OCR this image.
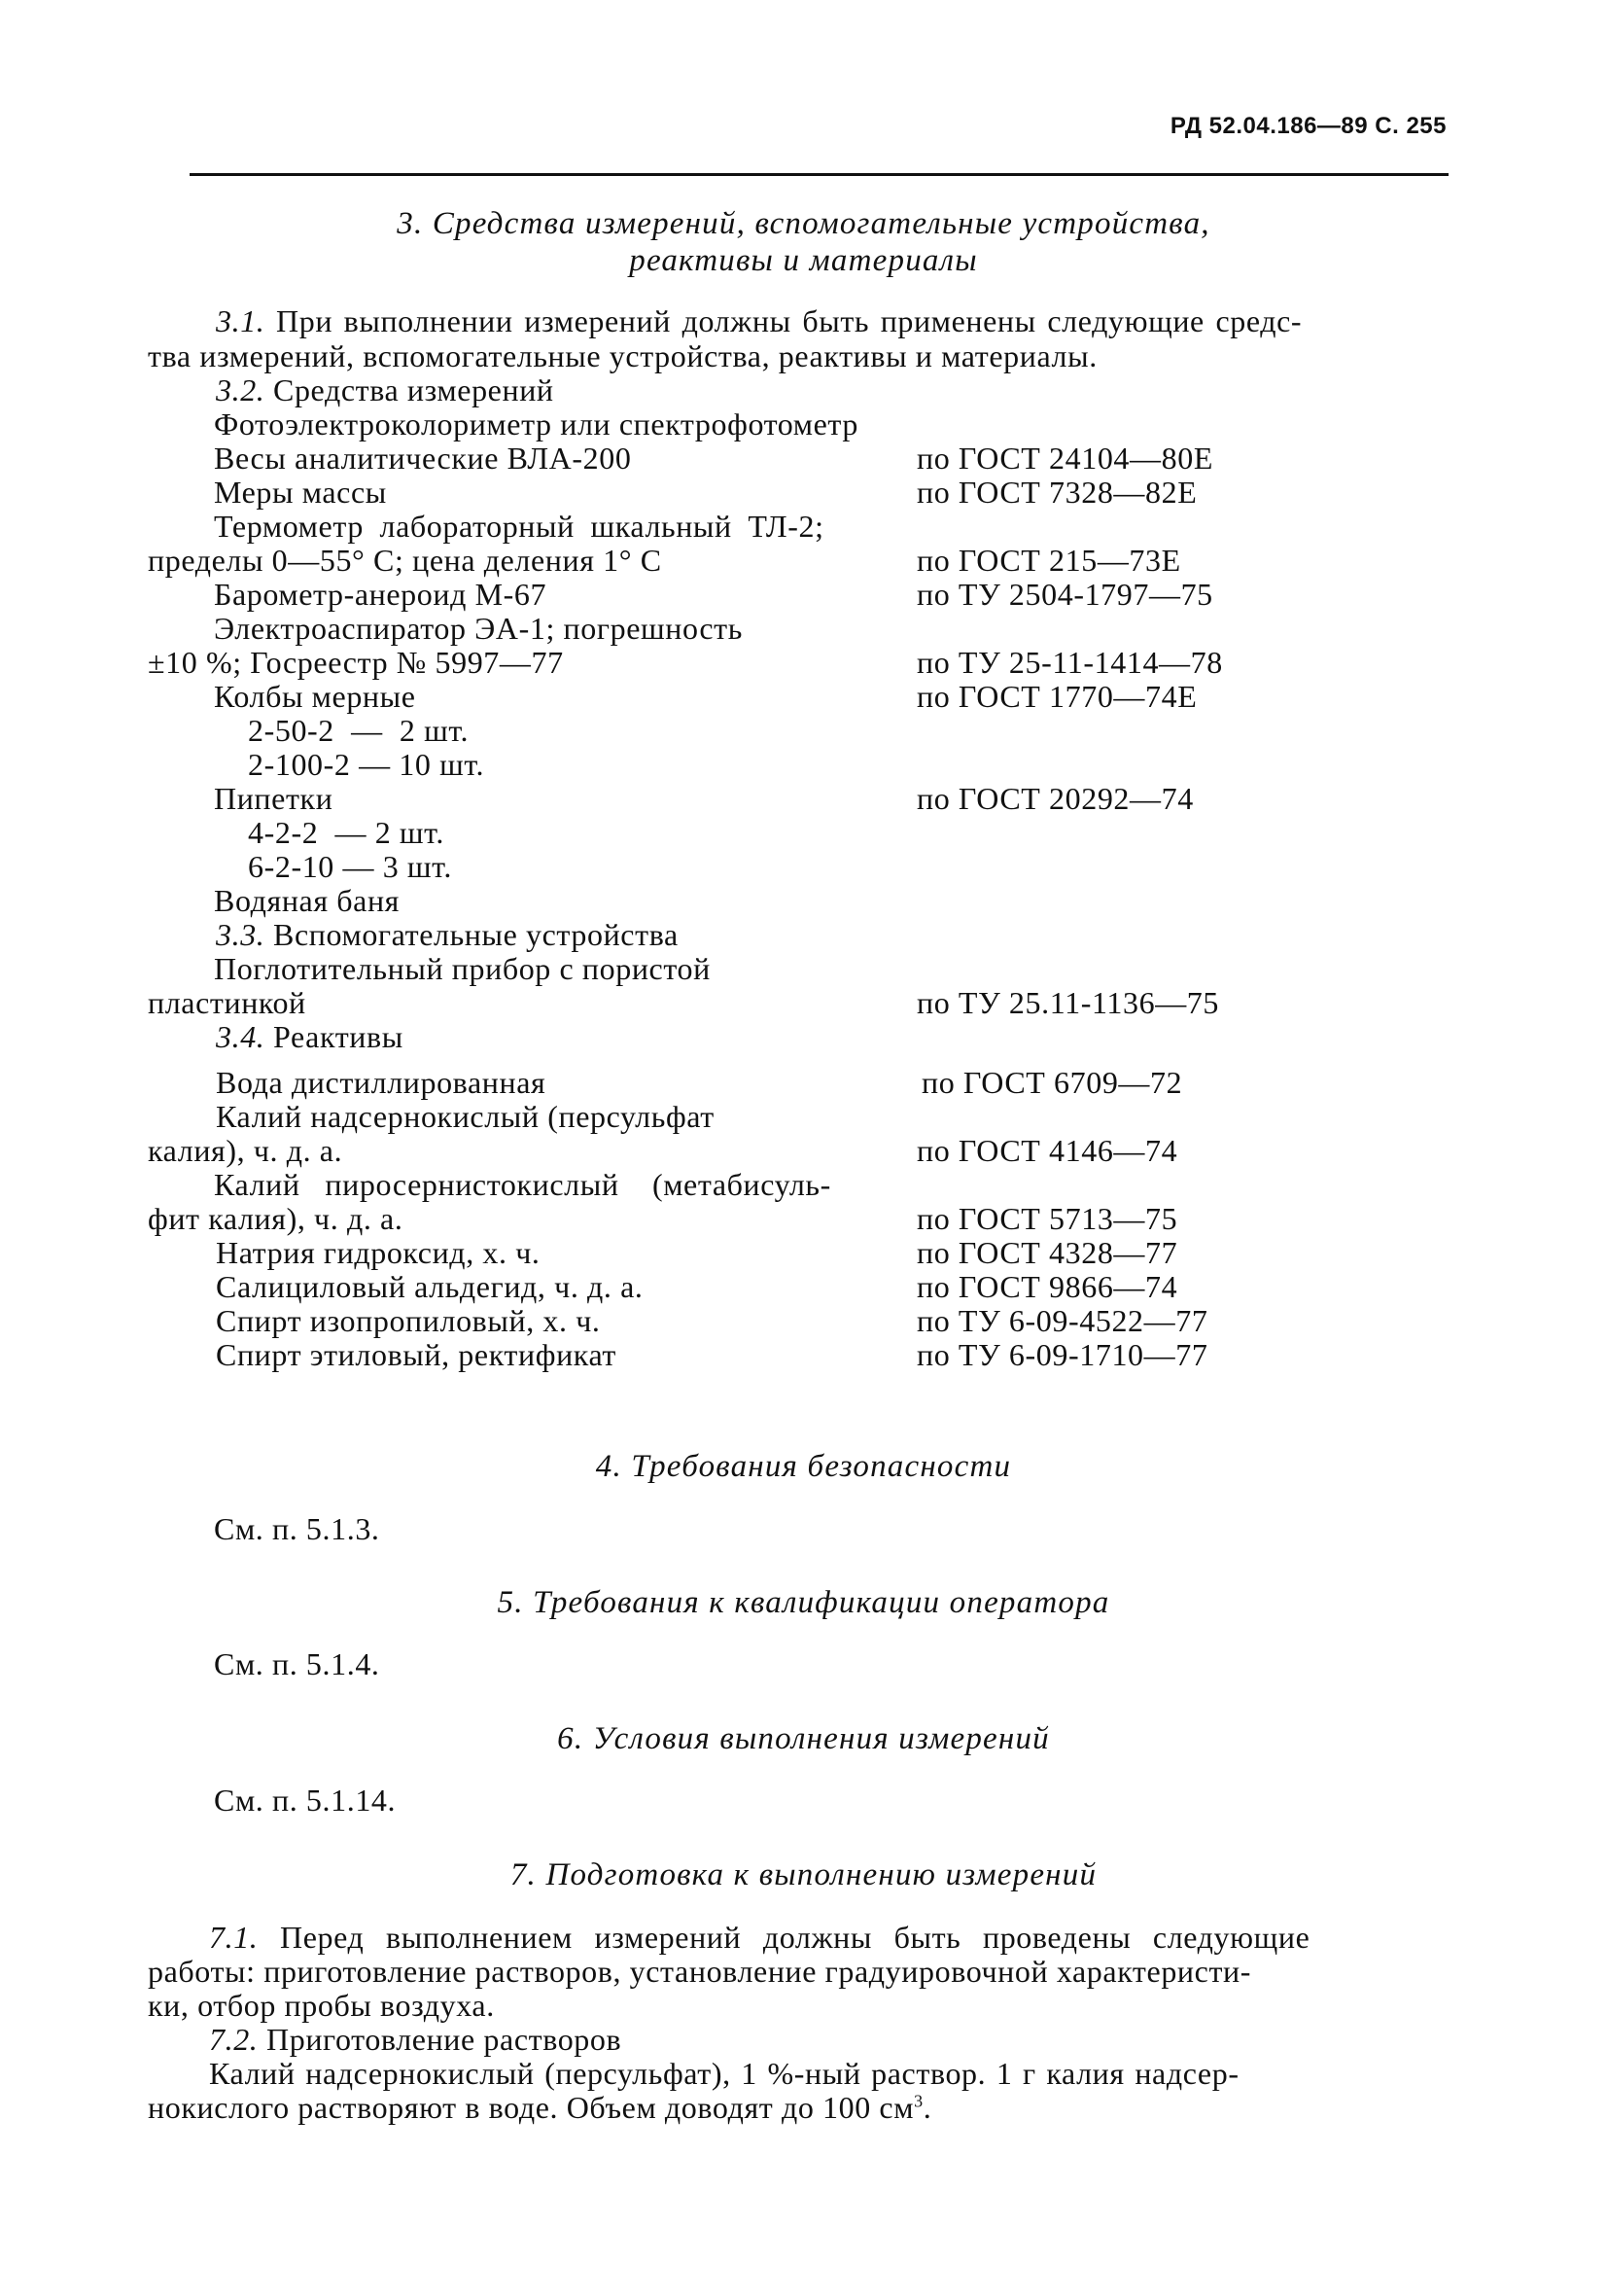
РД 52.04.186—89 С. 255
3. Средства измерений, вспомогательные устройства,
реактивы и материалы
3.1. При выполнении измерений должны быть применены следующие средс-
тва измерений, вспомогательные устройства, реактивы и материалы.
3.2. Средства измерений
Фотоэлектроколориметр или спектрофотометр
Весы аналитические ВЛА-200	по ГОСТ 24104—80Е
Меры массы	по ГОСТ 7328—82Е
Термометр лабораторный шкальный ТЛ-2;
пределы 0—55° С; цена деления 1° С	по ГОСТ 215—73Е
Барометр-анероид М-67	по ТУ 2504-1797—75
Электроаспиратор ЭА-1; погрешность
±10 %; Госреестр № 5997—77	по ТУ 25-11-1414—78
Колбы мерные	по ГОСТ 1770—74Е
2-50-2  —  2 шт.
2-100-2 — 10 шт.
Пипетки	по ГОСТ 20292—74
4-2-2  — 2 шт.
6-2-10 — 3 шт.
Водяная баня
3.3. Вспомогательные устройства
Поглотительный прибор с пористой
пластинкой	по ТУ 25.11-1136—75
3.4. Реактивы
Вода дистиллированная	по ГОСТ 6709—72
Калий надсернокислый (персульфат
калия), ч. д. а.	по ГОСТ 4146—74
Калий   пиросернистокислый    (метабисуль-
фит калия), ч. д. а.	по ГОСТ 5713—75
Натрия гидроксид, х. ч.	по ГОСТ 4328—77
Салициловый альдегид, ч. д. а.	по ГОСТ 9866—74
Спирт изопропиловый, х. ч.	по ТУ 6-09-4522—77
Спирт этиловый, ректификат	по ТУ 6-09-1710—77
4. Требования безопасности
См. п. 5.1.3.
5. Требования к квалификации оператора
См. п. 5.1.4.
6. Условия выполнения измерений
См. п. 5.1.14.
7. Подготовка к выполнению измерений
7.1. Перед выполнением измерений должны быть проведены следующие
работы: приготовление растворов, установление градуировочной характеристи-
ки, отбор пробы воздуха.
7.2. Приготовление растворов
Калий надсернокислый (персульфат), 1 %-ный раствор. 1 г калия надсер-
нокислого растворяют в воде. Объем доводят до 100 $см^3$.
